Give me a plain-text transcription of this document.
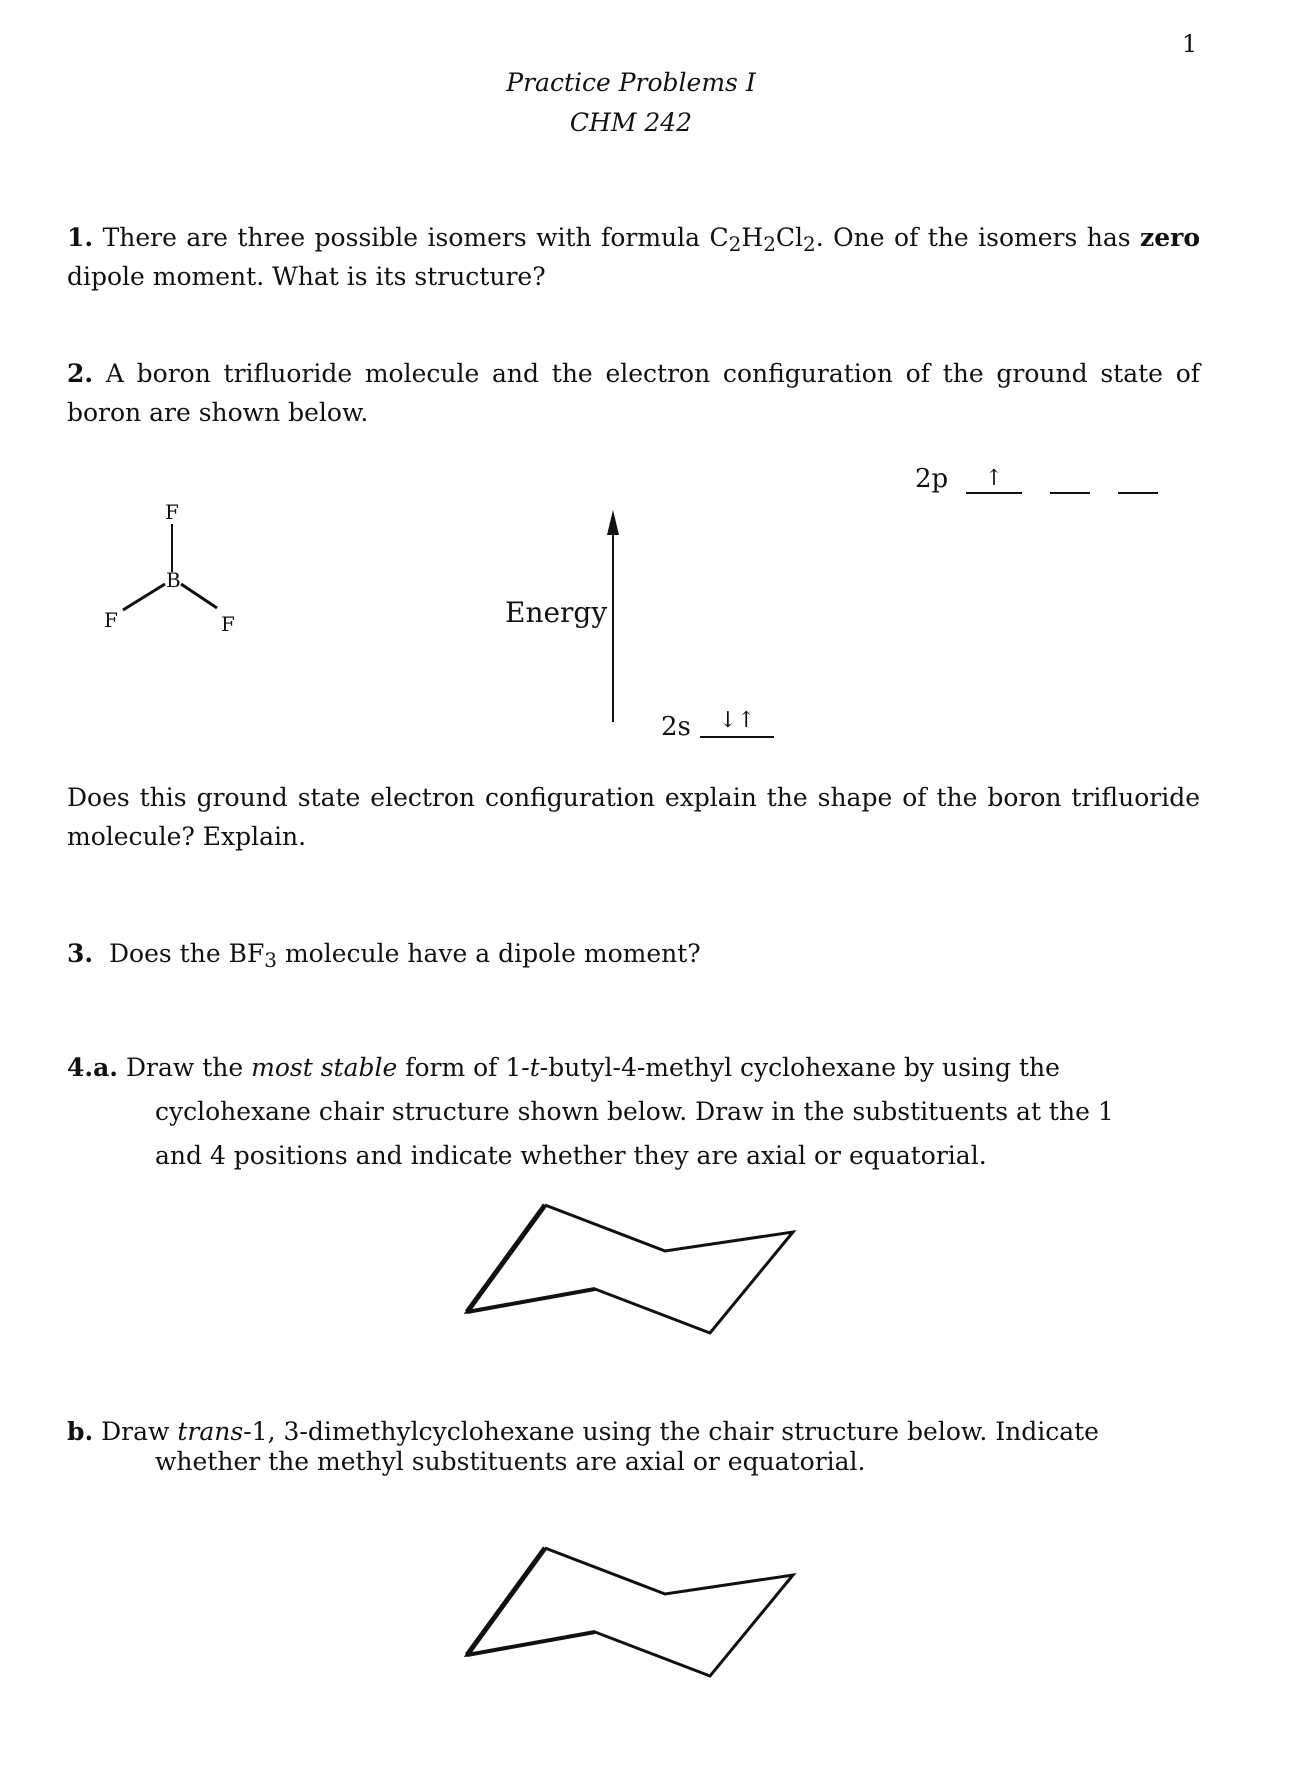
1
Practice Problems I
CHM 242
1. There are three possible isomers with formula $C_2H_2Cl_2$. One of the isomers has zero dipole moment. What is its structure?
2. A boron trifluoride molecule and the electron configuration of the ground state of boron are shown below.
F
B
F	F	Energy
2p	↑
2s	↓↑
Does this ground state electron configuration explain the shape of the boron trifluoride molecule? Explain.
3. Does the $BF_3$ molecule have a dipole moment?
4.a. Draw the most stable form of 1-t-butyl-4-methyl cyclohexane by using the cyclohexane chair structure shown below. Draw in the substituents at the 1 and 4 positions and indicate whether they are axial or equatorial.
b. Draw trans-1, 3-dimethylcyclohexane using the chair structure below. Indicate whether the methyl substituents are axial or equatorial.
